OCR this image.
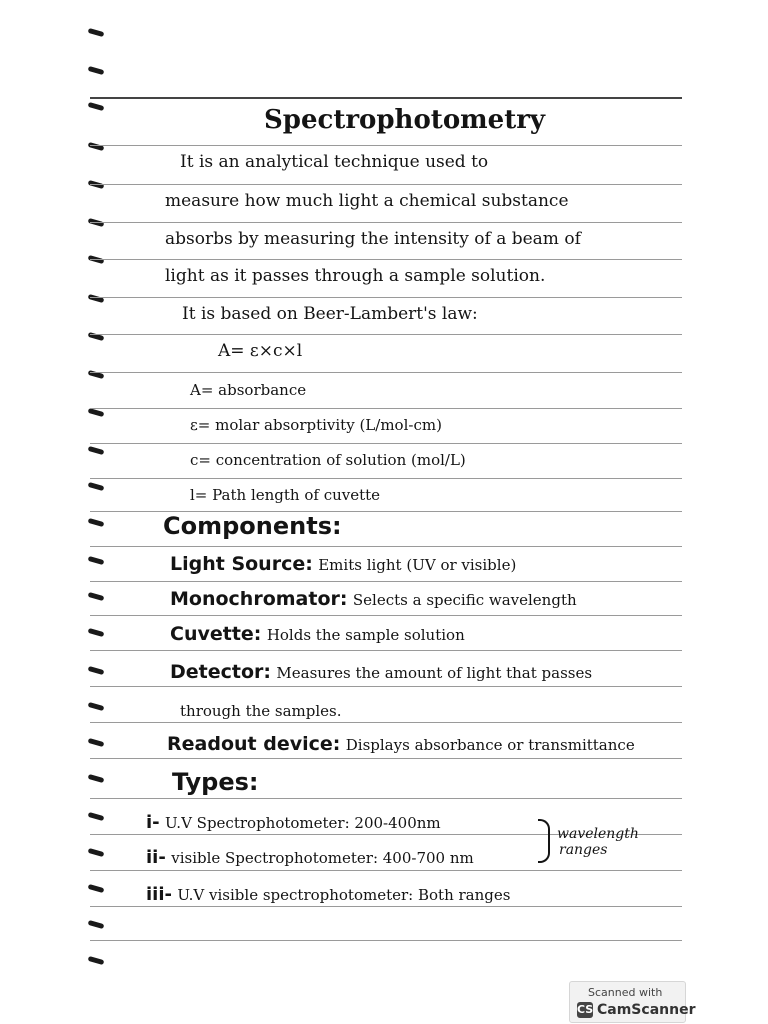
Spectrophotometry
It is an analytical technique used to
measure how much light a chemical substance
absorbs by measuring the intensity of a beam of
light as it passes through a sample solution.
It is based on Beer-Lambert's law:
A= ε×c×l
A= absorbance
ε= molar absorptivity (L/mol-cm)
c= concentration of solution (mol/L)
l= Path length of cuvette
Components:
Light Source: Emits light (UV or visible)
Monochromator: Selects a specific wavelength
Cuvette: Holds the sample solution
Detector: Measures the amount of light that passes
through the samples.
Readout device: Displays absorbance or transmittance
Types:
i- U.V Spectrophotometer: 200-400nm
ii- visible Spectrophotometer: 400-700 nm
iii- U.V visible spectrophotometer: Both ranges
wavelength
ranges
Scanned with
CS CamScanner
